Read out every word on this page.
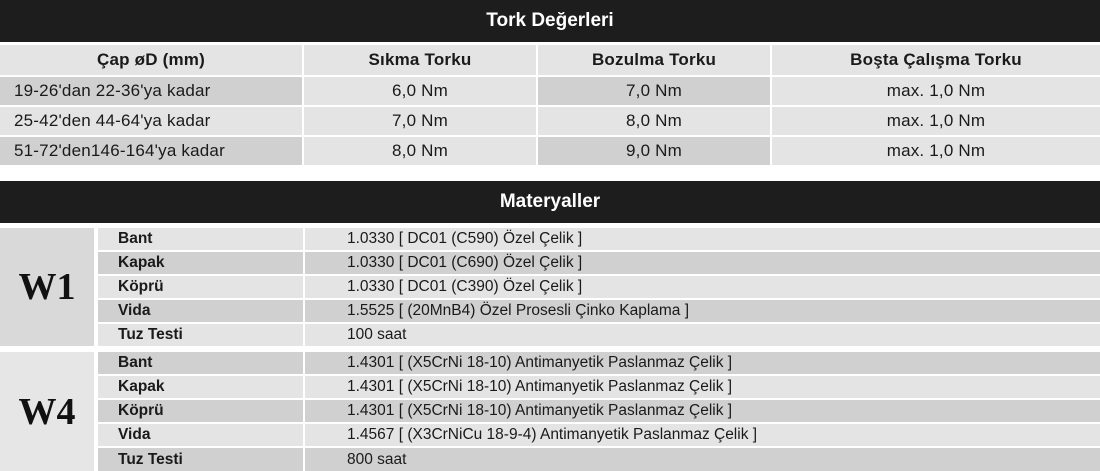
Tork Değerleri
Çap øD (mm)	Sıkma Torku	Bozulma Torku	Boşta Çalışma Torku
19-26'dan 22-36'ya kadar	6,0 Nm	7,0 Nm	max. 1,0 Nm
25-42'den 44-64'ya kadar	7,0 Nm	8,0 Nm	max. 1,0 Nm
51-72'den146-164'ya kadar	8,0 Nm	9,0 Nm	max. 1,0 Nm
Materyaller
W1
Bant	1.0330 [ DC01 (C590) Özel Çelik ]
Kapak	1.0330 [ DC01 (C690) Özel Çelik ]
Köprü	1.0330 [ DC01 (C390) Özel Çelik ]
Vida	1.5525 [ (20MnB4) Özel Prosesli Çinko Kaplama ]
Tuz Testi	100 saat
W4
Bant	1.4301 [ (X5CrNi 18-10) Antimanyetik Paslanmaz Çelik ]
Kapak	1.4301 [ (X5CrNi 18-10) Antimanyetik Paslanmaz Çelik ]
Köprü	1.4301 [ (X5CrNi 18-10) Antimanyetik Paslanmaz Çelik ]
Vida	1.4567 [ (X3CrNiCu 18-9-4) Antimanyetik Paslanmaz Çelik ]
Tuz Testi	800 saat
